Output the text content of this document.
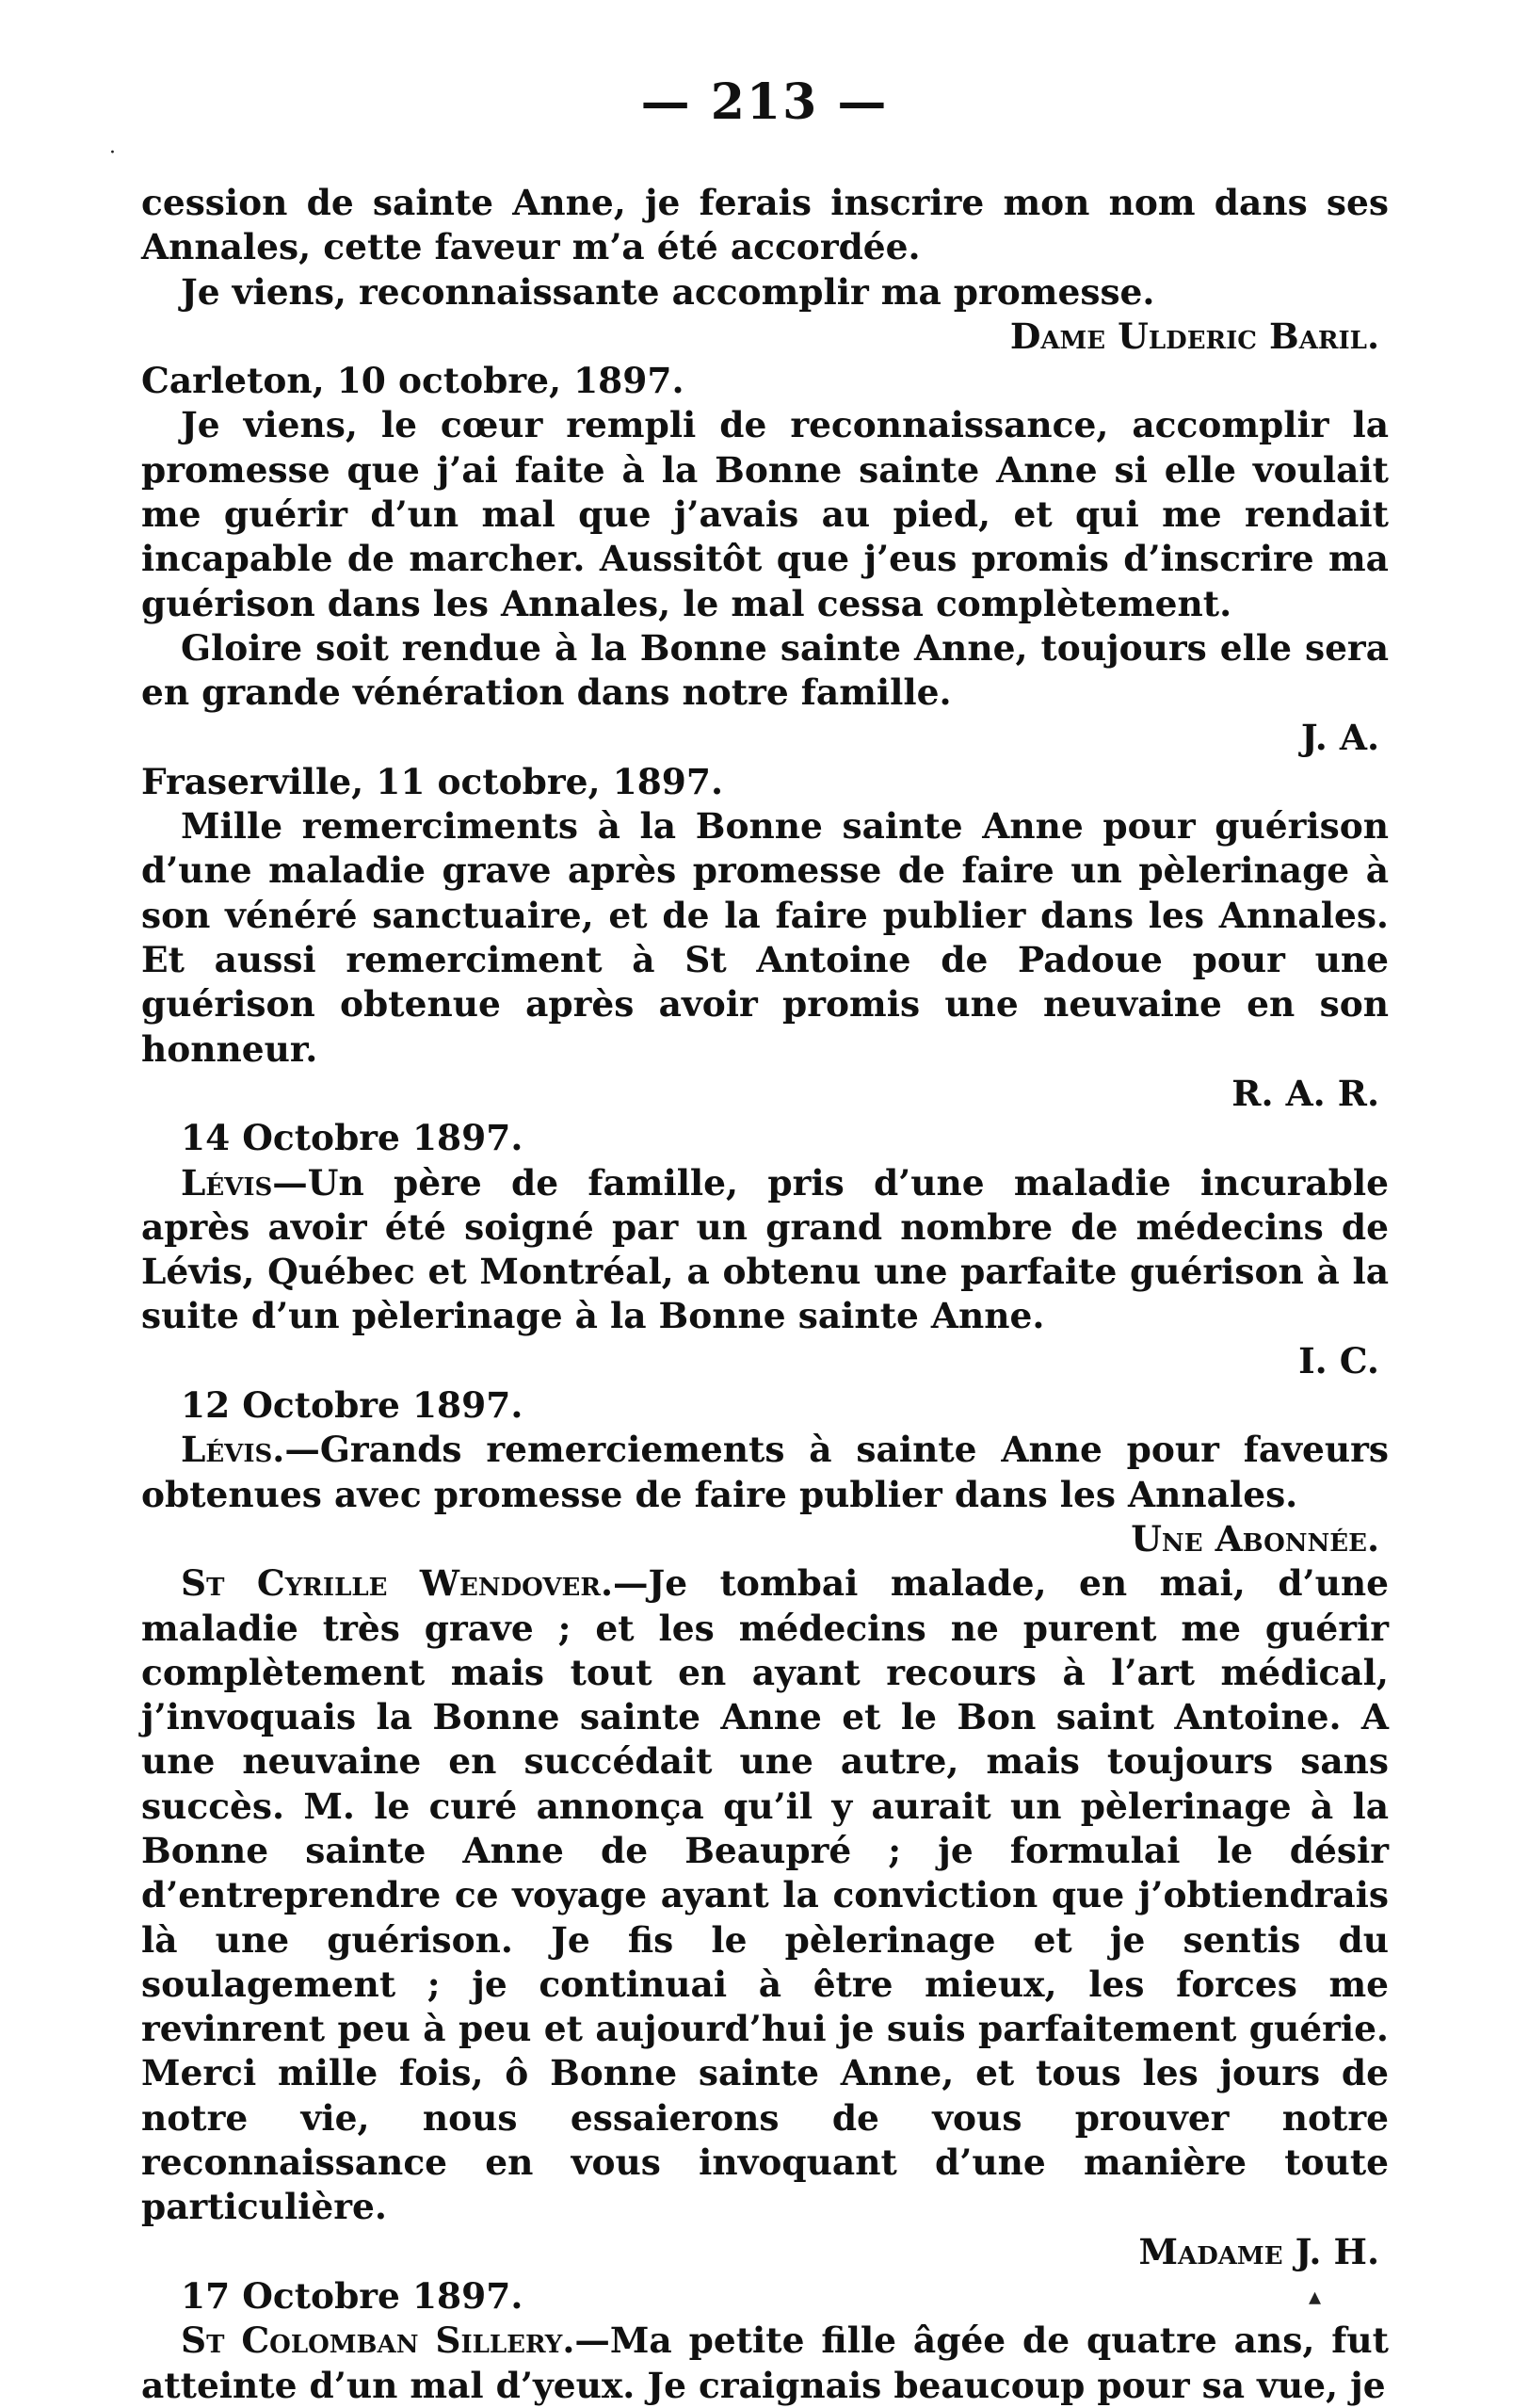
— 213 —

cession de sainte Anne, je ferais inscrire mon nom dans ses Annales, cette faveur m’a été accordée.

Je viens, reconnaissante accomplir ma promesse.

Dame Ulderic Baril.

Carleton, 10 octobre, 1897.

Je viens, le cœur rempli de reconnaissance, accomplir la promesse que j’ai faite à la Bonne sainte Anne si elle voulait me guérir d’un mal que j’avais au pied, et qui me rendait incapable de marcher. Aussitôt que j’eus promis d’inscrire ma guérison dans les Annales, le mal cessa complètement.

Gloire soit rendue à la Bonne sainte Anne, toujours elle sera en grande vénération dans notre famille.

J. A.

Fraserville, 11 octobre, 1897.

Mille remerciments à la Bonne sainte Anne pour guérison d’une maladie grave après promesse de faire un pèlerinage à son vénéré sanctuaire, et de la faire publier dans les Annales. Et aussi remerciment à St Antoine de Padoue pour une guérison obtenue après avoir promis une neuvaine en son honneur.

R. A. R.

14 Octobre 1897.

Lévis—Un père de famille, pris d’une maladie incurable après avoir été soigné par un grand nombre de médecins de Lévis, Québec et Montréal, a obtenu une parfaite guérison à la suite d’un pèlerinage à la Bonne sainte Anne.

I. C.

12 Octobre 1897.

Lévis.—Grands remerciements à sainte Anne pour faveurs obtenues avec promesse de faire publier dans les Annales.

Une Abonnée.

St Cyrille Wendover.—Je tombai malade, en mai, d’une maladie très grave ; et les médecins ne purent me guérir complètement mais tout en ayant recours à l’art médical, j’invoquais la Bonne sainte Anne et le Bon saint Antoine. A une neuvaine en succédait une autre, mais toujours sans succès. M. le curé annonça qu’il y aurait un pèlerinage à la Bonne sainte Anne de Beaupré ; je formulai le désir d’entreprendre ce voyage ayant la conviction que j’obtiendrais là une guérison. Je fis le pèlerinage et je sentis du soulagement ; je continuai à être mieux, les forces me revinrent peu à peu et aujourd’hui je suis parfaitement guérie. Merci mille fois, ô Bonne sainte Anne, et tous les jours de notre vie, nous essaierons de vous prouver notre reconnaissance en vous invoquant d’une manière toute particulière.

Madame J. H.

17 Octobre 1897.

St Colomban Sillery.—Ma petite fille âgée de quatre ans, fut atteinte d’un mal d’yeux. Je craignais beaucoup pour sa vue, je

·
▴
